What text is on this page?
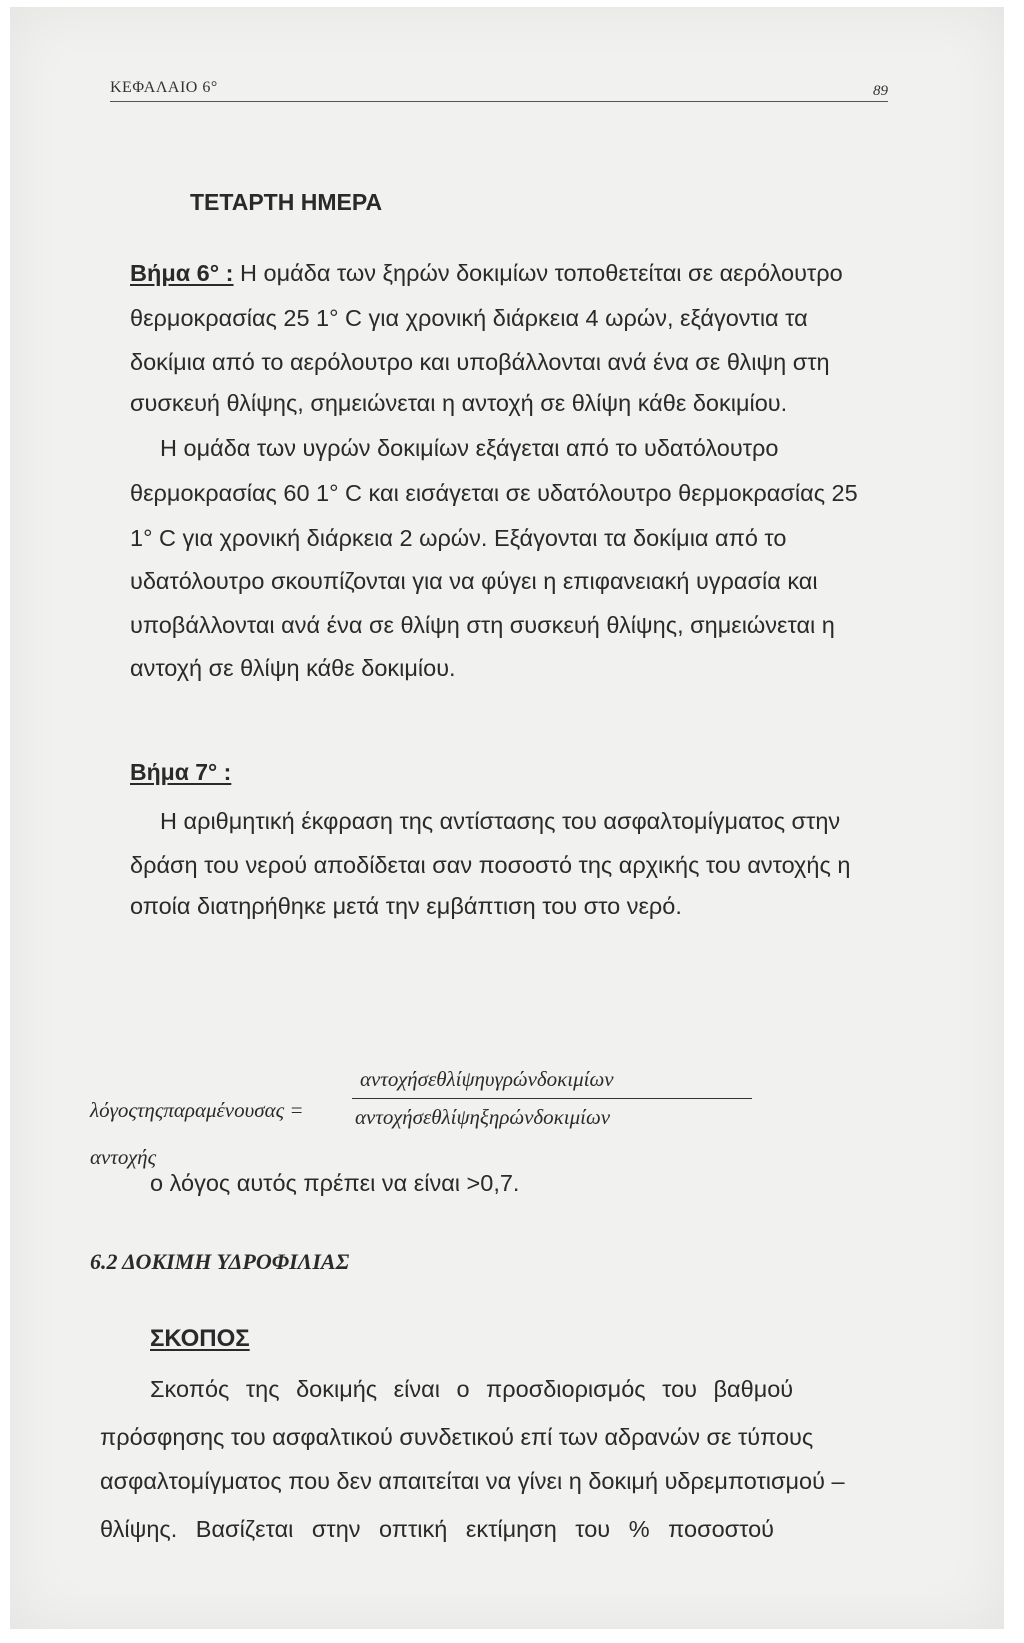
ΚΕΦΑΛΑΙΟ 6°	89
ΤΕΤΑΡΤΗ ΗΜΕΡΑ
Βήμα 6° : Η ομάδα των ξηρών δοκιμίων τοποθετείται σε αερόλουτρο
θερμοκρασίας 25 1° C για χρονική διάρκεια 4 ωρών, εξάγοντια τα
δοκίμια από το αερόλουτρο και υποβάλλονται ανά ένα σε θλιψη στη
συσκευή θλίψης, σημειώνεται η αντοχή σε θλίψη κάθε δοκιμίου.
Η ομάδα των υγρών δοκιμίων εξάγεται από το υδατόλουτρο
θερμοκρασίας 60 1° C και εισάγεται σε υδατόλουτρο θερμοκρασίας 25
1° C για χρονική διάρκεια 2 ωρών. Εξάγονται τα δοκίμια από το
υδατόλουτρο σκουπίζονται για να φύγει η επιφανειακή υγρασία και
υποβάλλονται ανά ένα σε θλίψη στη συσκευή θλίψης, σημειώνεται η
αντοχή σε θλίψη κάθε δοκιμίου.
Βήμα 7° :
Η αριθμητική έκφραση της αντίστασης του ασφαλτομίγματος στην
δράση του νερού αποδίδεται σαν ποσοστό της αρχικής του αντοχής η
οποία διατηρήθηκε μετά την εμβάπτιση του στο νερό.
λόγοςτηςπαραμένουσας =
αντοχήσεθλίψηυγρώνδοκιμίων
αντοχήσεθλίψηξηρώνδοκιμίων
αντοχής
ο λόγος αυτός πρέπει να είναι >0,7.
6.2 ΔΟΚΙΜΗ ΥΔΡΟΦΙΛΙΑΣ
ΣΚΟΠΟΣ
Σκοπός της δοκιμής είναι ο προσδιορισμός του βαθμού
πρόσφησης του ασφαλτικού συνδετικού επί των αδρανών σε τύπους
ασφαλτομίγματος που δεν απαιτείται να γίνει η δοκιμή υδρεμποτισμού –
θλίψης. Βασίζεται στην οπτική εκτίμηση του % ποσοστού
